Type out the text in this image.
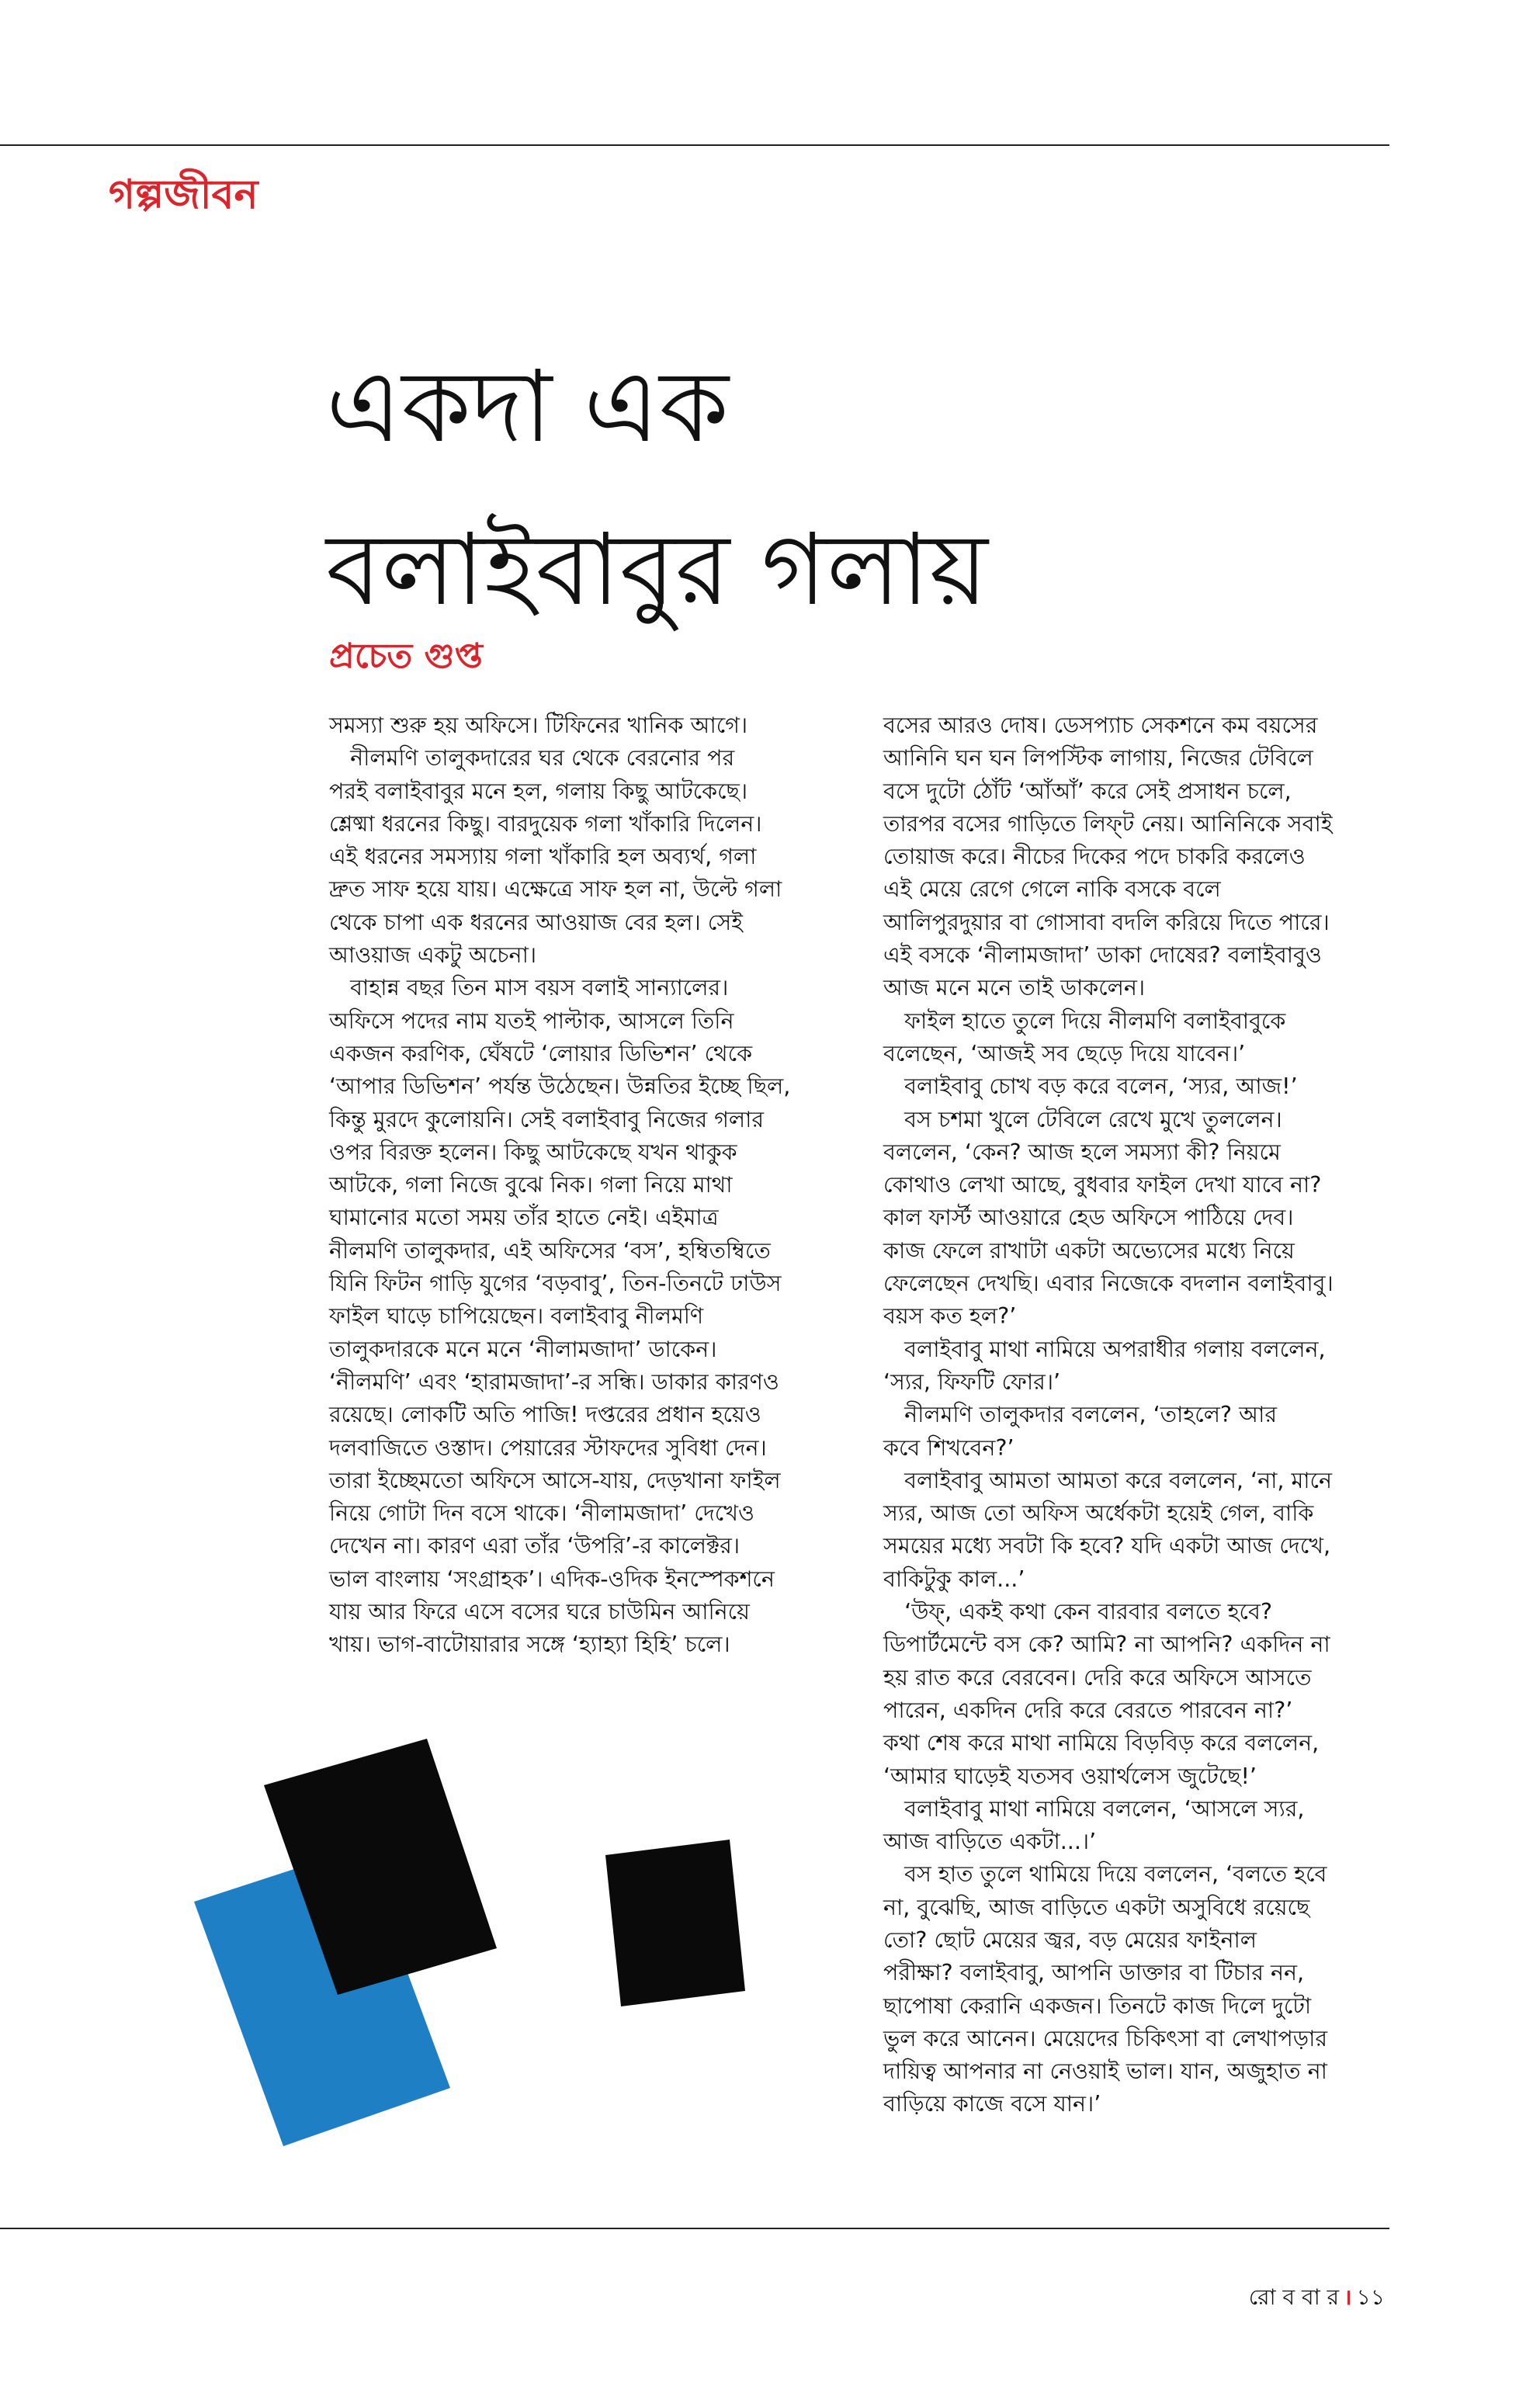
গল্পজীবন
একদা এক
বলাইবাবুর গলায়
প্রচেত গুপ্ত

সমস্যা শুরু হয় অফিসে। টিফিনের খানিক আগে।

নীলমণি তালুকদারের ঘর থেকে বেরনোর পর

পরই বলাইবাবুর মনে হল, গলায় কিছু আটকেছে।

শ্লেষ্মা ধরনের কিছু। বারদুয়েক গলা খাঁকারি দিলেন।

এই ধরনের সমস্যায় গলা খাঁকারি হল অব্যর্থ, গলা

দ্রুত সাফ হয়ে যায়। এক্ষেত্রে সাফ হল না, উল্টে গলা

থেকে চাপা এক ধরনের আওয়াজ বের হল। সেই

আওয়াজ একটু অচেনা।

বাহান্ন বছর তিন মাস বয়স বলাই সান্যালের।

অফিসে পদের নাম যতই পাল্টাক, আসলে তিনি

একজন করণিক, ঘেঁষটে ‘লোয়ার ডিভিশন’ থেকে

‘আপার ডিভিশন’ পর্যন্ত উঠেছেন। উন্নতির ইচ্ছে ছিল,

কিন্তু মুরদে কুলোয়নি। সেই বলাইবাবু নিজের গলার

ওপর বিরক্ত হলেন। কিছু আটকেছে যখন থাকুক

আটকে, গলা নিজে বুঝে নিক। গলা নিয়ে মাথা

ঘামানোর মতো সময় তাঁর হাতে নেই। এইমাত্র

নীলমণি তালুকদার, এই অফিসের ‘বস’, হম্বিতম্বিতে

যিনি ফিটন গাড়ি যুগের ‘বড়বাবু’, তিন-তিনটে ঢাউস

ফাইল ঘাড়ে চাপিয়েছেন। বলাইবাবু নীলমণি

তালুকদারকে মনে মনে ‘নীলামজাদা’ ডাকেন।

‘নীলমণি’ এবং ‘হারামজাদা’-র সন্ধি। ডাকার কারণও

রয়েছে। লোকটি অতি পাজি! দপ্তরের প্রধান হয়েও

দলবাজিতে ওস্তাদ। পেয়ারের স্টাফদের সুবিধা দেন।

তারা ইচ্ছেমতো অফিসে আসে-যায়, দেড়খানা ফাইল

নিয়ে গোটা দিন বসে থাকে। ‘নীলামজাদা’ দেখেও

দেখেন না। কারণ এরা তাঁর ‘উপরি’-র কালেক্টর।

ভাল বাংলায় ‘সংগ্রাহক’। এদিক-ওদিক ইনস্পেকশনে

যায় আর ফিরে এসে বসের ঘরে চাউমিন আনিয়ে

খায়। ভাগ-বাটোয়ারার সঙ্গে ‘হ্যাহ্যা হিহি’ চলে।

বসের আরও দোষ। ডেসপ্যাচ সেকশনে কম বয়সের

আনিনি ঘন ঘন লিপস্টিক লাগায়, নিজের টেবিলে

বসে দুটো ঠোঁট ‘আঁআঁ’ করে সেই প্রসাধন চলে,

তারপর বসের গাড়িতে লিফ্‌ট নেয়। আনিনিকে সবাই

তোয়াজ করে। নীচের দিকের পদে চাকরি করলেও

এই মেয়ে রেগে গেলে নাকি বসকে বলে

আলিপুরদুয়ার বা গোসাবা বদলি করিয়ে দিতে পারে।

এই বসকে ‘নীলামজাদা’ ডাকা দোষের? বলাইবাবুও

আজ মনে মনে তাই ডাকলেন।

ফাইল হাতে তুলে দিয়ে নীলমণি বলাইবাবুকে

বলেছেন, ‘আজই সব ছেড়ে দিয়ে যাবেন।’

বলাইবাবু চোখ বড় করে বলেন, ‘স্যর, আজ!’

বস চশমা খুলে টেবিলে রেখে মুখে তুললেন।

বললেন, ‘কেন? আজ হলে সমস্যা কী? নিয়মে

কোথাও লেখা আছে, বুধবার ফাইল দেখা যাবে না?

কাল ফার্স্ট আওয়ারে হেড অফিসে পাঠিয়ে দেব।

কাজ ফেলে রাখাটা একটা অভ্যেসের মধ্যে নিয়ে

ফেলেছেন দেখছি। এবার নিজেকে বদলান বলাইবাবু।

বয়স কত হল?’

বলাইবাবু মাথা নামিয়ে অপরাধীর গলায় বললেন,

‘স্যর, ফিফটি ফোর।’

নীলমণি তালুকদার বললেন, ‘তাহলে? আর

কবে শিখবেন?’

বলাইবাবু আমতা আমতা করে বললেন, ‘না, মানে

স্যর, আজ তো অফিস অর্ধেকটা হয়েই গেল, বাকি

সময়ের মধ্যে সবটা কি হবে? যদি একটা আজ দেখে,

বাকিটুকু কাল...’

‘উফ্‌, একই কথা কেন বারবার বলতে হবে?

ডিপার্টমেন্টে বস কে? আমি? না আপনি? একদিন না

হয় রাত করে বেরবেন। দেরি করে অফিসে আসতে

পারেন, একদিন দেরি করে বেরতে পারবেন না?’

কথা শেষ করে মাথা নামিয়ে বিড়বিড় করে বললেন,

‘আমার ঘাড়েই যতসব ওয়ার্থলেস জুটেছে!’

বলাইবাবু মাথা নামিয়ে বললেন, ‘আসলে স্যর,

আজ বাড়িতে একটা...।’

বস হাত তুলে থামিয়ে দিয়ে বললেন, ‘বলতে হবে

না, বুঝেছি, আজ বাড়িতে একটা অসুবিধে রয়েছে

তো? ছোট মেয়ের জ্বর, বড় মেয়ের ফাইনাল

পরীক্ষা? বলাইবাবু, আপনি ডাক্তার বা টিচার নন,

ছাপোষা কেরানি একজন। তিনটে কাজ দিলে দুটো

ভুল করে আনেন। মেয়েদের চিকিৎসা বা লেখাপড়ার

দায়িত্ব আপনার না নেওয়াই ভাল। যান, অজুহাত না

বাড়িয়ে কাজে বসে যান।’

রো ব বা র । ১১
